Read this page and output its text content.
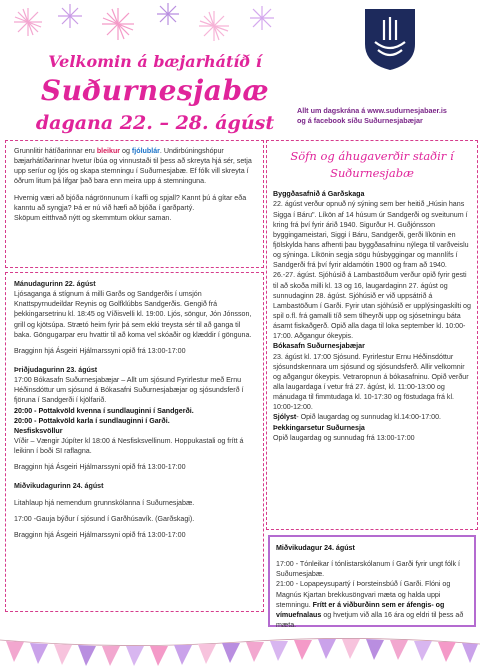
Velkomin á bæjarhátíð í
Suðurnesjabæ
dagana 22. – 28. ágúst
Allt um dagskrána á www.sudurnesjabaer.is
og á facebook síðu Suðurnesjabæjar

Grunnlitir hátíðarinnar eru bleikur og fjólublár. Undirbúningshópur bæjarhátíðarinnar hvetur íbúa og vinnustaði til þess að skreyta hjá sér, setja upp seríur og ljós og skapa stemningu í Suðurnesjabæ. Ef fólk vill skreyta í öðrum litum þá lifgar það bara enn meira upp á stemninguna.

Hvernig væri að bjóða nágrönnunum í kaffi og spjall? Kannt þú á gítar eða kanntu að syngja? Þá er nú við hæfi að bjóða í garðpartý.

Sköpum eitthvað nýtt og skemmtum okkur saman.

Mánudagurinn 22. ágúst

Ljósaganga á stígnum á milli Garðs og Sandgerðis í umsjón Knattspyrnudeildar Reynis og Golfklúbbs Sandgerðis. Gengið frá þekkingarsetrinu kl. 18:45 og Víðisvelli kl. 19:00. Ljós, söngur, Jón Jónsson, grill og kjötsúpa. Strætó heim fyrir þá sem ekki treysta sér til að ganga til baka. Göngugarpar eru hvattir til að koma vel skóaðir og klæddir í gönguna.

Bragginn hjá Ásgeiri Hjálmarssyni opið frá 13:00-17:00

Þriðjudagurinn 23. ágúst

17:00 Bókasafn Suðurnesjabæjar – Allt um sjósund Fyrirlestur með Ernu Héðinsdóttur um sjósund á Bókasafni Suðurnesjabæjar og sjósundsferð í fjöruna í Sandgerði í kjölfarið.

20:00 - Pottakvöld kvenna í sundlauginni í Sandgerði.

20:00 - Pottakvöld karla í sundlauginni í Garði.

Nesfisksvöllur

Víðir – Vængir Júpíter kl 18:00 á Nesfisksvellinum. Hoppukastali og frítt á leikinn í boði SI raflagna.

Bragginn hjá Ásgeiri Hjálmarssyni opið frá 13:00-17:00

Miðvikudagurinn 24. ágúst

Litahlaup hjá nemendum grunnskólanna í Suðurnesjabæ.

17:00 -Gauja býður í sjósund í Garðhúsavík. (Garðskagi).

Bragginn hjá Ásgeiri Hjálmarssyni opið frá 13:00-17:00

Söfn og áhugaverðir staðir í
Suðurnesjabæ

Byggðasafnið á Garðskaga

22. ágúst verður opnuð ný sýning sem ber heitið „Húsin hans Sigga í Báru". Líkön af 14 húsum úr Sandgerði og sveitunum í kring frá því fyrir árið 1940. Sigurður H. Guðjónsson byggingameistari, Siggi í Báru, Sandgerði, gerði líkönin en fjölskylda hans afhenti þau byggðasafninu nýlega til varðveislu og sýninga. Líkönin segja sögu húsbyggingar og mannlífs í Sandgerði frá því fyrir aldamótin 1900 og fram að 1940.

26.-27. ágúst. Sjóhúsið á Lambastöðum verður opið fyrir gesti til að skoða milli kl. 13 og 16, laugardaginn 27. ágúst og sunnudaginn 28. ágúst. Sjóhúsið er við uppsátrið á Lambastöðum í Garði. Fyrir utan sjóhúsið er upplýsingaskilti og spil o.fl. frá gamalli tíð sem tilheyrði upp og sjósetningu báta ásamt fiskaðgerð. Opið alla daga til loka september kl. 10:00-17:00. Aðgangur ókeypis.

Bókasafn Suðurnesjabæjar

23. ágúst kl. 17:00 Sjósund. Fyrirlestur Ernu Héðinsdóttur sjósundskennara um sjósund og sjósundsferð. Allir velkomnir og aðgangur ókeypis. Vetraropnun á bókasafninu. Opið verður alla laugardaga í vetur frá 27. ágúst, kl. 11:00-13:00 og mánudaga til fimmtudaga kl. 10-17:30 og föstudaga frá kl. 10:00-12:00.

Sjólyst- Opið laugardag og sunnudag kl.14:00-17:00.

Þekkingarsetur Suðurnesja

Opið laugardag og sunnudag frá 13:00-17:00

Miðvikudagur 24. ágúst

17:00 - Tónleikar í tónlistarskólanum í Garði fyrir ungt fólk í Suðurnesjabæ.

21:00 - Lopapeysupartý í Þorsteinsbúð í Garði. Flóni og Magnús Kjartan brekkusöngvari mæta og halda uppi stemningu. Frítt er á viðburðinn sem er áfengis- og vímuefnalaus og hvetjum við alla 16 ára og eldri til þess að mæta.
